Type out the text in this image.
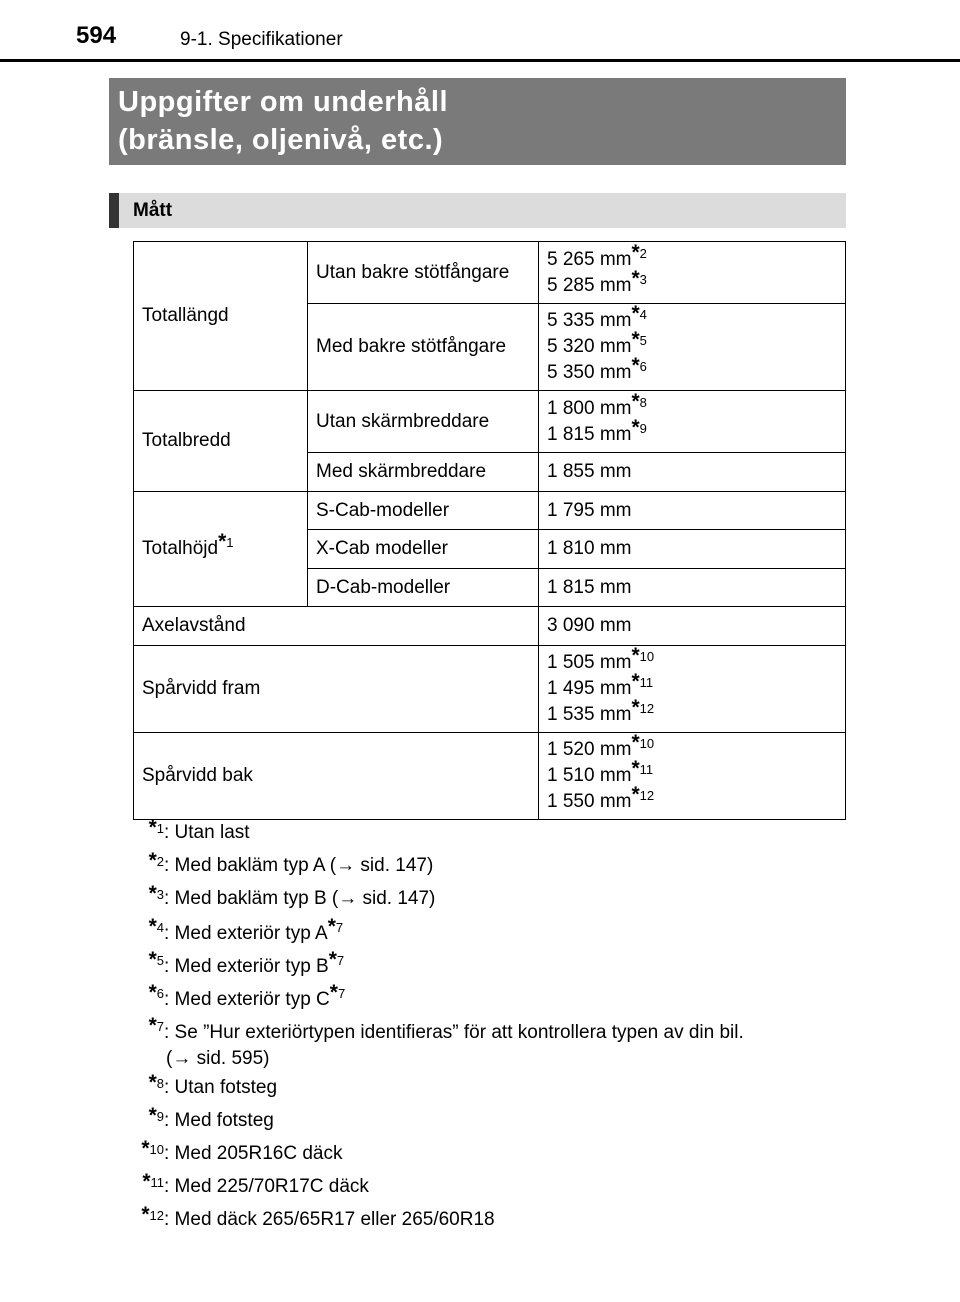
594	9-1. Specifikationer
Uppgifter om underhåll
(bränsle, oljenivå, etc.)
Mått
Totallängd	Utan bakre stötfångare	5 265 mm*$^2$
5 285 mm*$^3$

	Med bakre stötfångare	5 335 mm*$^4$
5 320 mm*$^5$
5 350 mm*$^6$

Totalbredd	Utan skärmbreddare	1 800 mm*$^8$
1 815 mm*$^9$

	Med skärmbreddare	1 855 mm
Totalhöjd*$^1$	S-Cab-modeller	1 795 mm
	X-Cab modeller	1 810 mm
	D-Cab-modeller	1 815 mm
Axelavstånd		3 090 mm
Spårvidd fram		1 505 mm*$^{10}$
1 495 mm*$^{11}$
1 535 mm*$^{12}$

Spårvidd bak		1 520 mm*$^{10}$
1 510 mm*$^{11}$
1 550 mm*$^{12}$
*$^1$ : Utan last
*$^2$ : Med bakläm typ A (→ sid. 147)
*$^3$ : Med bakläm typ B (→ sid. 147)
*$^4$ : Med exteriör typ A*$^7$
*$^5$ : Med exteriör typ B*$^7$
*$^6$ : Med exteriör typ C*$^7$
*$^7$ : Se ”Hur exteriörtypen identifieras” för att kontrollera typen av din bil.
(→ sid. 595)
*$^8$ : Utan fotsteg
*$^9$ : Med fotsteg
*$^{10}$ : Med 205R16C däck
*$^{11}$ : Med 225/70R17C däck
*$^{12}$ : Med däck 265/65R17 eller 265/60R18
